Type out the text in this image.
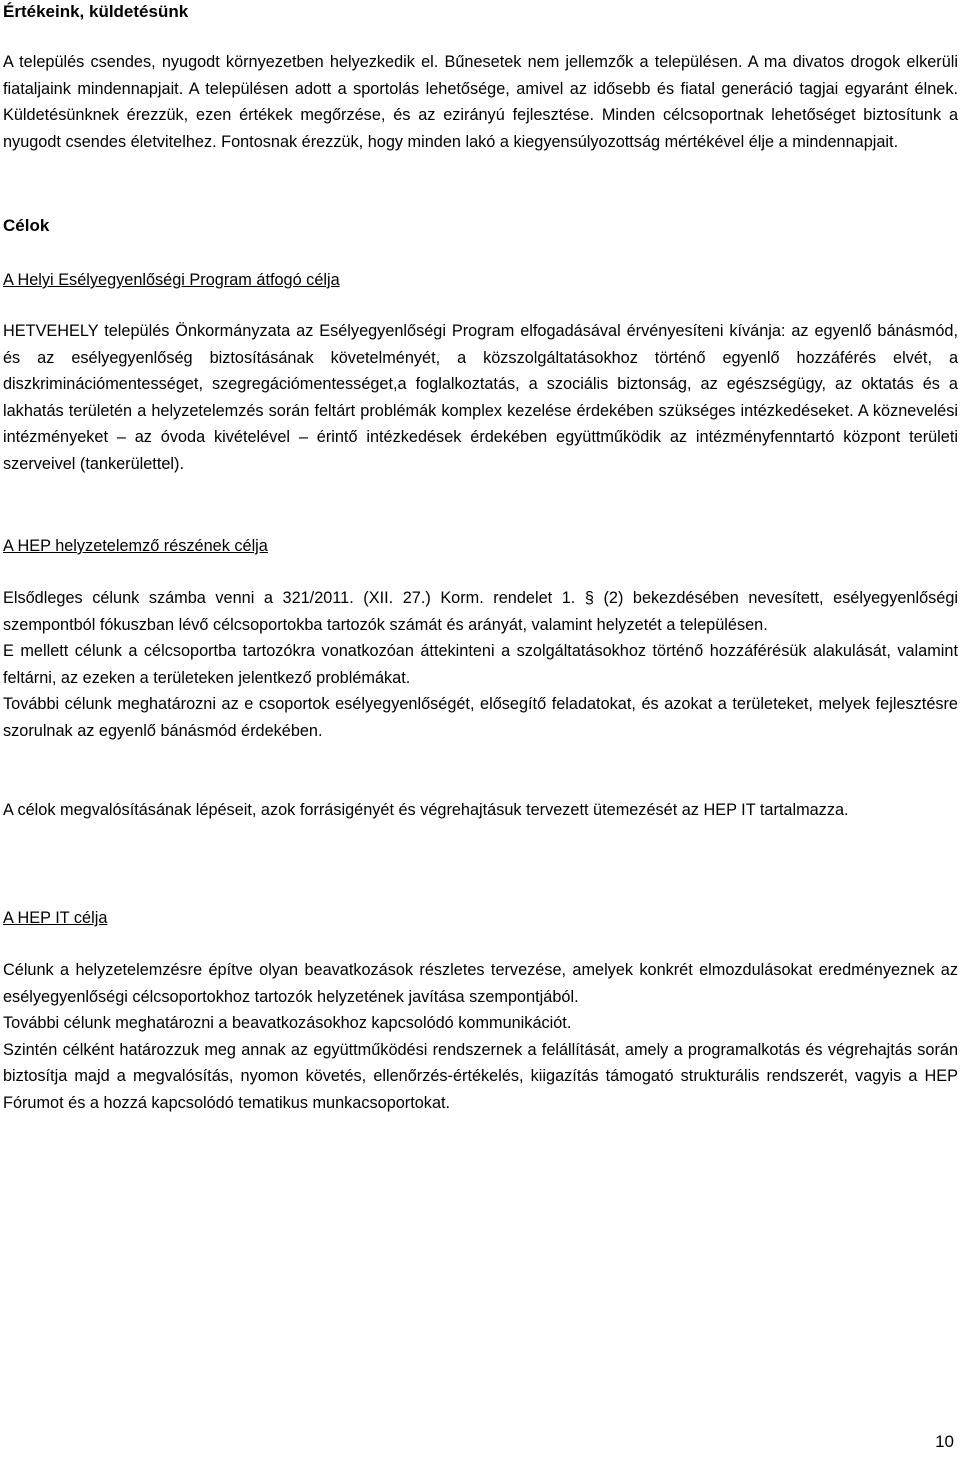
Értékeink, küldetésünk

A település csendes, nyugodt környezetben helyezkedik el. Bűnesetek nem jellemzők a településen. A ma divatos drogok elkerüli fiataljaink mindennapjait. A településen adott a sportolás lehetősége, amivel az idősebb és fiatal generáció tagjai egyaránt élnek. Küldetésünknek érezzük, ezen értékek megőrzése, és az ezirányú fejlesztése. Minden célcsoportnak lehetőséget biztosítunk a nyugodt csendes életvitelhez. Fontosnak érezzük, hogy minden lakó a kiegyensúlyozottság mértékével élje a mindennapjait.

Célok

A Helyi Esélyegyenlőségi Program átfogó célja

HETVEHELY település Önkormányzata az Esélyegyenlőségi Program elfogadásával érvényesíteni kívánja: az egyenlő bánásmód, és az esélyegyenlőség biztosításának követelményét, a közszolgáltatásokhoz történő egyenlő hozzáférés elvét, a diszkriminációmentességet, szegregációmentességet,a foglalkoztatás, a szociális biztonság, az egészségügy, az oktatás és a lakhatás területén a helyzetelemzés során feltárt problémák komplex kezelése érdekében szükséges intézkedéseket. A köznevelési intézményeket – az óvoda kivételével – érintő intézkedések érdekében együttműködik az intézményfenntartó központ területi szerveivel (tankerülettel).

A HEP helyzetelemző részének célja

Elsődleges célunk számba venni a 321/2011. (XII. 27.) Korm. rendelet 1. § (2) bekezdésében nevesített, esélyegyenlőségi szempontból fókuszban lévő célcsoportokba tartozók számát és arányát, valamint helyzetét a településen.

E mellett célunk a célcsoportba tartozókra vonatkozóan áttekinteni a szolgáltatásokhoz történő hozzáférésük alakulását, valamint feltárni, az ezeken a területeken jelentkező problémákat.

További célunk meghatározni az e csoportok esélyegyenlőségét, elősegítő feladatokat, és azokat a területeket, melyek fejlesztésre szorulnak az egyenlő bánásmód érdekében.

A célok megvalósításának lépéseit, azok forrásigényét és végrehajtásuk tervezett ütemezését az HEP IT tartalmazza.

A HEP IT célja

Célunk a helyzetelemzésre építve olyan beavatkozások részletes tervezése, amelyek konkrét elmozdulásokat eredményeznek az esélyegyenlőségi célcsoportokhoz tartozók helyzetének javítása szempontjából.

További célunk meghatározni a beavatkozásokhoz kapcsolódó kommunikációt.

Szintén célként határozzuk meg annak az együttműködési rendszernek a felállítását, amely a programalkotás és végrehajtás során biztosítja majd a megvalósítás, nyomon követés, ellenőrzés-értékelés, kiigazítás támogató strukturális rendszerét, vagyis a HEP Fórumot és a hozzá kapcsolódó tematikus munkacsoportokat.

10
